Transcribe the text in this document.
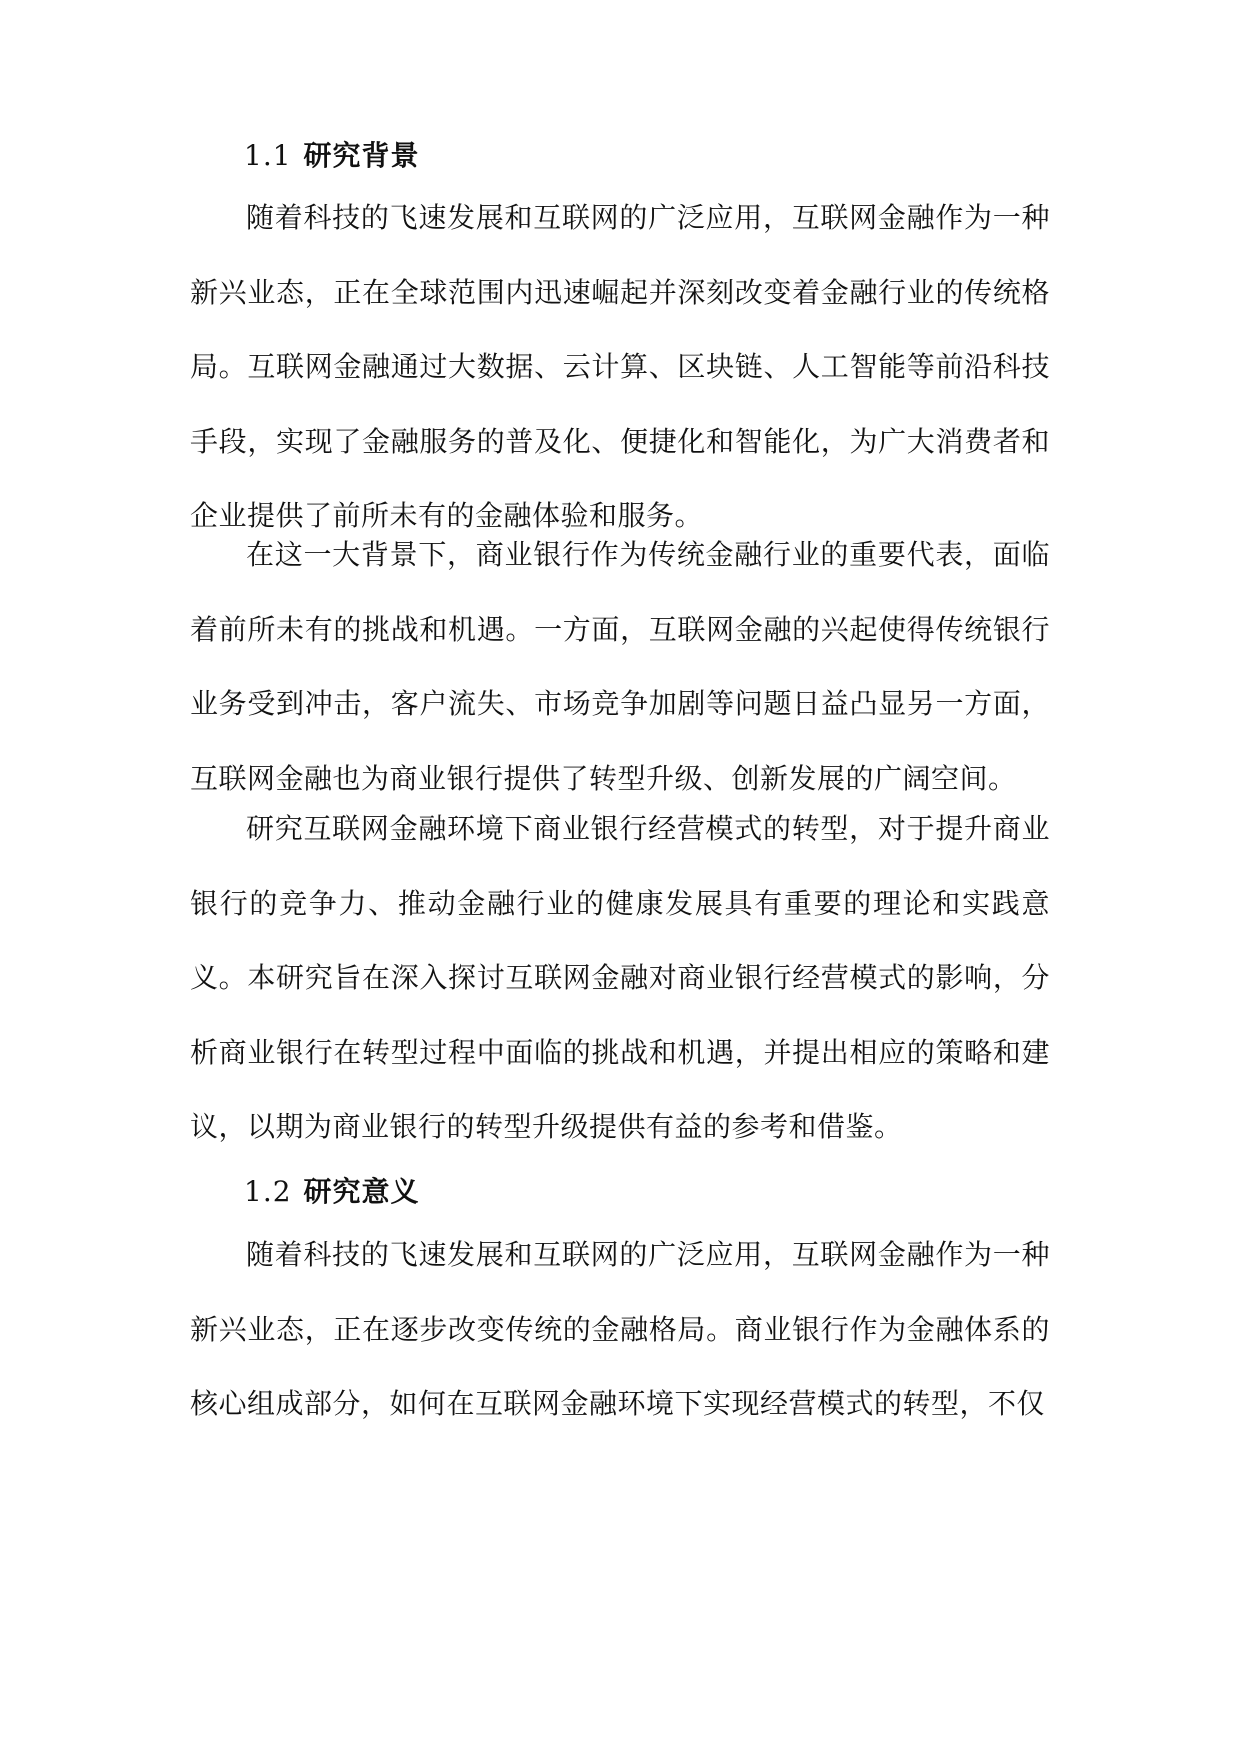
1.1 研究背景

随着科技的飞速发展和互联网的广泛应用，互联网金融作为一种新兴业态，正在全球范围内迅速崛起并深刻改变着金融行业的传统格局。互联网金融通过大数据、云计算、区块链、人工智能等前沿科技手段，实现了金融服务的普及化、便捷化和智能化，为广大消费者和企业提供了前所未有的金融体验和服务。

在这一大背景下，商业银行作为传统金融行业的重要代表，面临着前所未有的挑战和机遇。一方面，互联网金融的兴起使得传统银行业务受到冲击，客户流失、市场竞争加剧等问题日益凸显另一方面，互联网金融也为商业银行提供了转型升级、创新发展的广阔空间。

研究互联网金融环境下商业银行经营模式的转型，对于提升商业银行的竞争力、推动金融行业的健康发展具有重要的理论和实践意义。本研究旨在深入探讨互联网金融对商业银行经营模式的影响，分析商业银行在转型过程中面临的挑战和机遇，并提出相应的策略和建议，以期为商业银行的转型升级提供有益的参考和借鉴。

1.2 研究意义

随着科技的飞速发展和互联网的广泛应用，互联网金融作为一种新兴业态，正在逐步改变传统的金融格局。商业银行作为金融体系的核心组成部分，如何在互联网金融环境下实现经营模式的转型，不仅
